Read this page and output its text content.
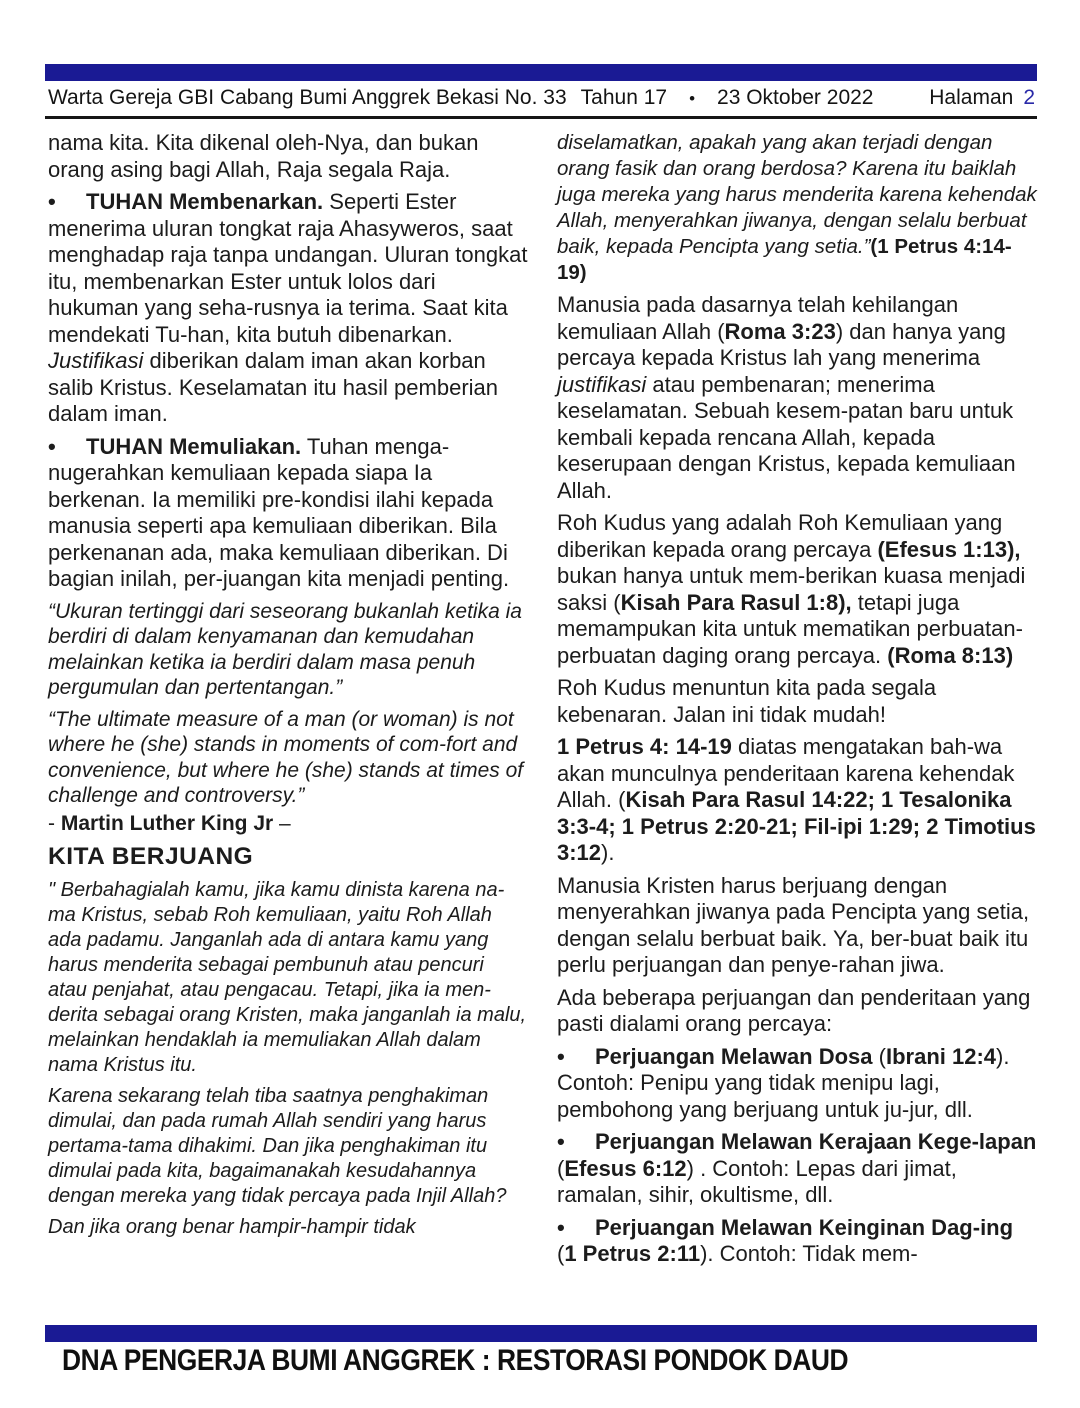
Warta Gereja GBI Cabang Bumi Anggrek Bekasi No. 33 Tahun 17 • 23 Oktober 2022	Halaman 2

nama kita. Kita dikenal oleh-Nya, dan bukan orang asing bagi Allah, Raja segala Raja.

• TUHAN Membenarkan. Seperti Ester menerima uluran tongkat raja Ahasyweros, saat menghadap raja tanpa undangan. Uluran tongkat itu, membenarkan Ester untuk lolos dari hukuman yang seha-rusnya ia terima. Saat kita mendekati Tu-han, kita butuh dibenarkan. Justifikasi diberikan dalam iman akan korban salib Kristus. Keselamatan itu hasil pemberian dalam iman.

• TUHAN Memuliakan. Tuhan menga-nugerahkan kemuliaan kepada siapa Ia berkenan. Ia memiliki pre-kondisi ilahi kepada manusia seperti apa kemuliaan diberikan. Bila perkenanan ada, maka kemuliaan diberikan. Di bagian inilah, per-juangan kita menjadi penting.

“Ukuran tertinggi dari seseorang bukanlah ketika ia berdiri di dalam kenyamanan dan kemudahan melainkan ketika ia berdiri dalam masa penuh pergumulan dan pertentangan.”

“The ultimate measure of a man (or woman) is not where he (she) stands in moments of com-fort and convenience, but where he (she) stands at times of challenge and controversy.”

- Martin Luther King Jr –

KITA BERJUANG

" Berbahagialah kamu, jika kamu dinista karena na-ma Kristus, sebab Roh kemuliaan, yaitu Roh Allah ada padamu. Janganlah ada di antara kamu yang harus menderita sebagai pembunuh atau pencuri atau penjahat, atau pengacau. Tetapi, jika ia men-derita sebagai orang Kristen, maka janganlah ia malu, melainkan hendaklah ia memuliakan Allah dalam nama Kristus itu.

Karena sekarang telah tiba saatnya penghakiman dimulai, dan pada rumah Allah sendiri yang harus pertama-tama dihakimi. Dan jika penghakiman itu dimulai pada kita, bagaimanakah kesudahannya dengan mereka yang tidak percaya pada Injil Allah?

Dan jika orang benar hampir-hampir tidak

diselamatkan, apakah yang akan terjadi dengan orang fasik dan orang berdosa? Karena itu baiklah juga mereka yang harus menderita karena kehendak Allah, menyerahkan jiwanya, dengan selalu berbuat baik, kepada Pencipta yang setia.”(1 Petrus 4:14-19)

Manusia pada dasarnya telah kehilangan kemuliaan Allah (Roma 3:23) dan hanya yang percaya kepada Kristus lah yang menerima justifikasi atau pembenaran; menerima keselamatan. Sebuah kesem-patan baru untuk kembali kepada rencana Allah, kepada keserupaan dengan Kristus, kepada kemuliaan Allah.

Roh Kudus yang adalah Roh Kemuliaan yang diberikan kepada orang percaya (Efesus 1:13), bukan hanya untuk mem-berikan kuasa menjadi saksi (Kisah Para Rasul 1:8), tetapi juga memampukan kita untuk mematikan perbuatan-perbuatan daging orang percaya. (Roma 8:13)

Roh Kudus menuntun kita pada segala kebenaran. Jalan ini tidak mudah!

1 Petrus 4: 14-19 diatas mengatakan bah-wa akan munculnya penderitaan karena kehendak Allah. (Kisah Para Rasul 14:22; 1 Tesalonika 3:3-4; 1 Petrus 2:20-21; Fil-ipi 1:29; 2 Timotius 3:12).

Manusia Kristen harus berjuang dengan menyerahkan jiwanya pada Pencipta yang setia, dengan selalu berbuat baik. Ya, ber-buat baik itu perlu perjuangan dan penye-rahan jiwa.

Ada beberapa perjuangan dan penderitaan yang pasti dialami orang percaya:

• Perjuangan Melawan Dosa (Ibrani 12:4). Contoh: Penipu yang tidak menipu lagi, pembohong yang berjuang untuk ju-jur, dll.

• Perjuangan Melawan Kerajaan Kege-lapan (Efesus 6:12) . Contoh: Lepas dari jimat, ramalan, sihir, okultisme, dll.

• Perjuangan Melawan Keinginan Dag-ing (1 Petrus 2:11). Contoh: Tidak mem-

DNA PENGERJA BUMI ANGGREK : RESTORASI PONDOK DAUD
